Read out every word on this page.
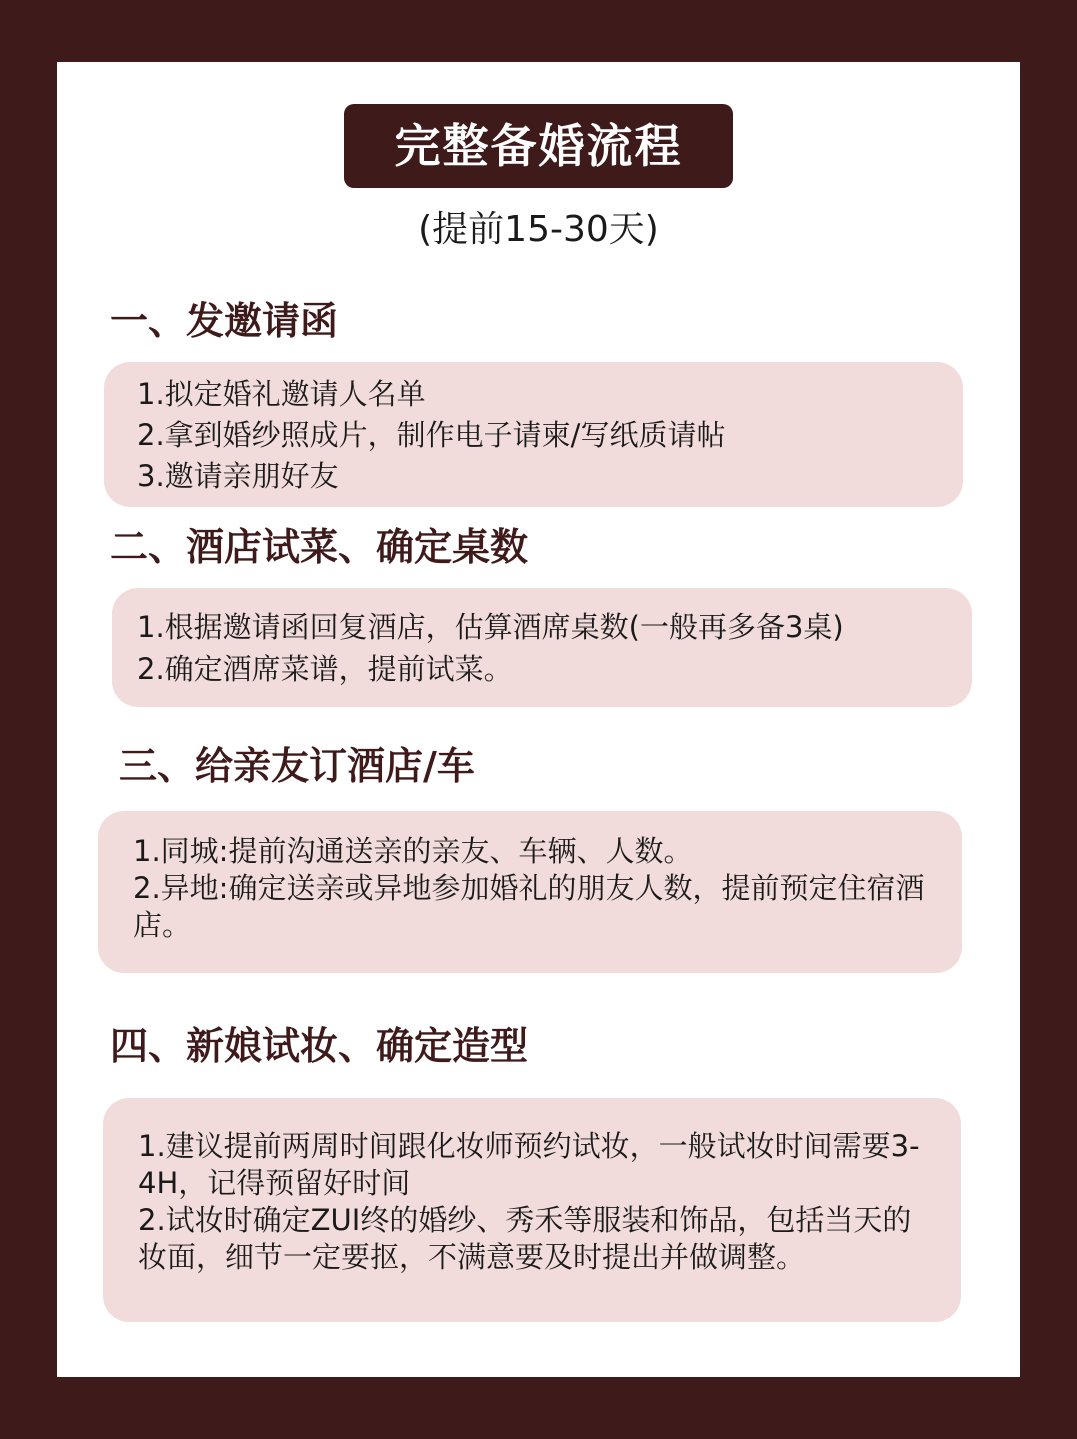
完整备婚流程
(提前15-30天)
一、发邀请函
1.拟定婚礼邀请人名单
2.拿到婚纱照成片，制作电子请柬/写纸质请帖
3.邀请亲朋好友
二、酒店试菜、确定桌数
1.根据邀请函回复酒店，估算酒席桌数(一般再多备3桌)
2.确定酒席菜谱，提前试菜。
三、给亲友订酒店/车
1.同城:提前沟通送亲的亲友、车辆、人数。
2.异地:确定送亲或异地参加婚礼的朋友人数，提前预定住宿酒店。
四、新娘试妆、确定造型
1.建议提前两周时间跟化妆师预约试妆，一般试妆时间需要3-4H，记得预留好时间
2.试妆时确定ZUI终的婚纱、秀禾等服装和饰品，包括当天的妆面，细节一定要抠，不满意要及时提出并做调整。
